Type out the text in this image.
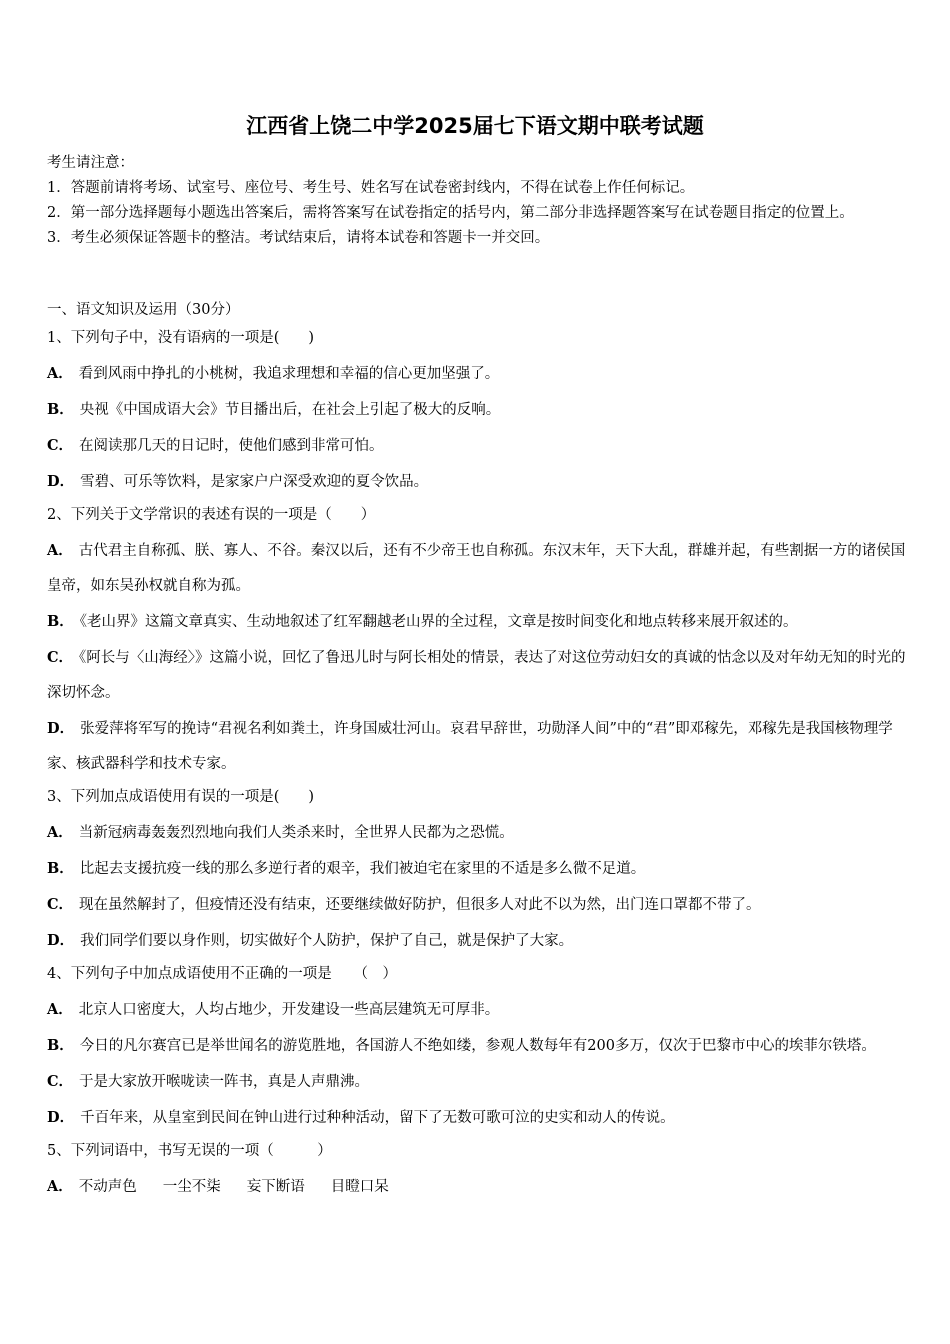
江西省上饶二中学2025届七下语文期中联考试题

考生请注意：

1．答题前请将考场、试室号、座位号、考生号、姓名写在试卷密封线内，不得在试卷上作任何标记。

2．第一部分选择题每小题选出答案后，需将答案写在试卷指定的括号内，第二部分非选择题答案写在试卷题目指定的位置上。

3．考生必须保证答题卡的整洁。考试结束后，请将本试卷和答题卡一并交回。

一、语文知识及运用（30分）

1、下列句子中，没有语病的一项是(　　)

A． 看到风雨中挣扎的小桃树，我追求理想和幸福的信心更加坚强了。

B． 央视《中国成语大会》节目播出后，在社会上引起了极大的反响。

C． 在阅读那几天的日记时，使他们感到非常可怕。

D． 雪碧、可乐等饮料，是家家户户深受欢迎的夏令饮品。

2、下列关于文学常识的表述有误的一项是（　　）

A． 古代君主自称孤、朕、寡人、不谷。秦汉以后，还有不少帝王也自称孤。东汉末年，天下大乱，群雄并起，有些割据一方的诸侯国皇帝，如东吴孙权就自称为孤。

B． 《老山界》这篇文章真实、生动地叙述了红军翻越老山界的全过程，文章是按时间变化和地点转移来展开叙述的。

C． 《阿长与〈山海经〉》这篇小说，回忆了鲁迅儿时与阿长相处的情景，表达了对这位劳动妇女的真诚的怙念以及对年幼无知的时光的深切怀念。

D． 张爱萍将军写的挽诗“君视名利如粪土，许身国威壮河山。哀君早辞世，功勋泽人间”中的“君”即邓稼先，邓稼先是我国核物理学家、核武器科学和技术专家。

3、下列加点成语使用有误的一项是(　　)

A． 当新冠病毒轰轰烈烈地向我们人类杀来时，全世界人民都为之恐慌。

B． 比起去支援抗疫一线的那么多逆行者的艰辛，我们被迫宅在家里的不适是多么微不足道。

C． 现在虽然解封了，但疫情还没有结束，还要继续做好防护，但很多人对此不以为然，出门连口罩都不带了。

D． 我们同学们要以身作则，切实做好个人防护，保护了自己，就是保护了大家。

4、下列句子中加点成语使用不正确的一项是　　（　）

A． 北京人口密度大，人均占地少，开发建设一些高层建筑无可厚非。

B． 今日的凡尔赛宫已是举世闻名的游览胜地，各国游人不绝如缕，参观人数每年有200多万，仅次于巴黎市中心的埃菲尔铁塔。

C． 于是大家放开喉咙读一阵书，真是人声鼎沸。

D． 千百年来，从皇室到民间在钟山进行过种种活动，留下了无数可歌可泣的史实和动人的传说。

5、下列词语中，书写无误的一项（　　　）

A． 不动声色 一尘不柒 妄下断语 目瞪口呆
